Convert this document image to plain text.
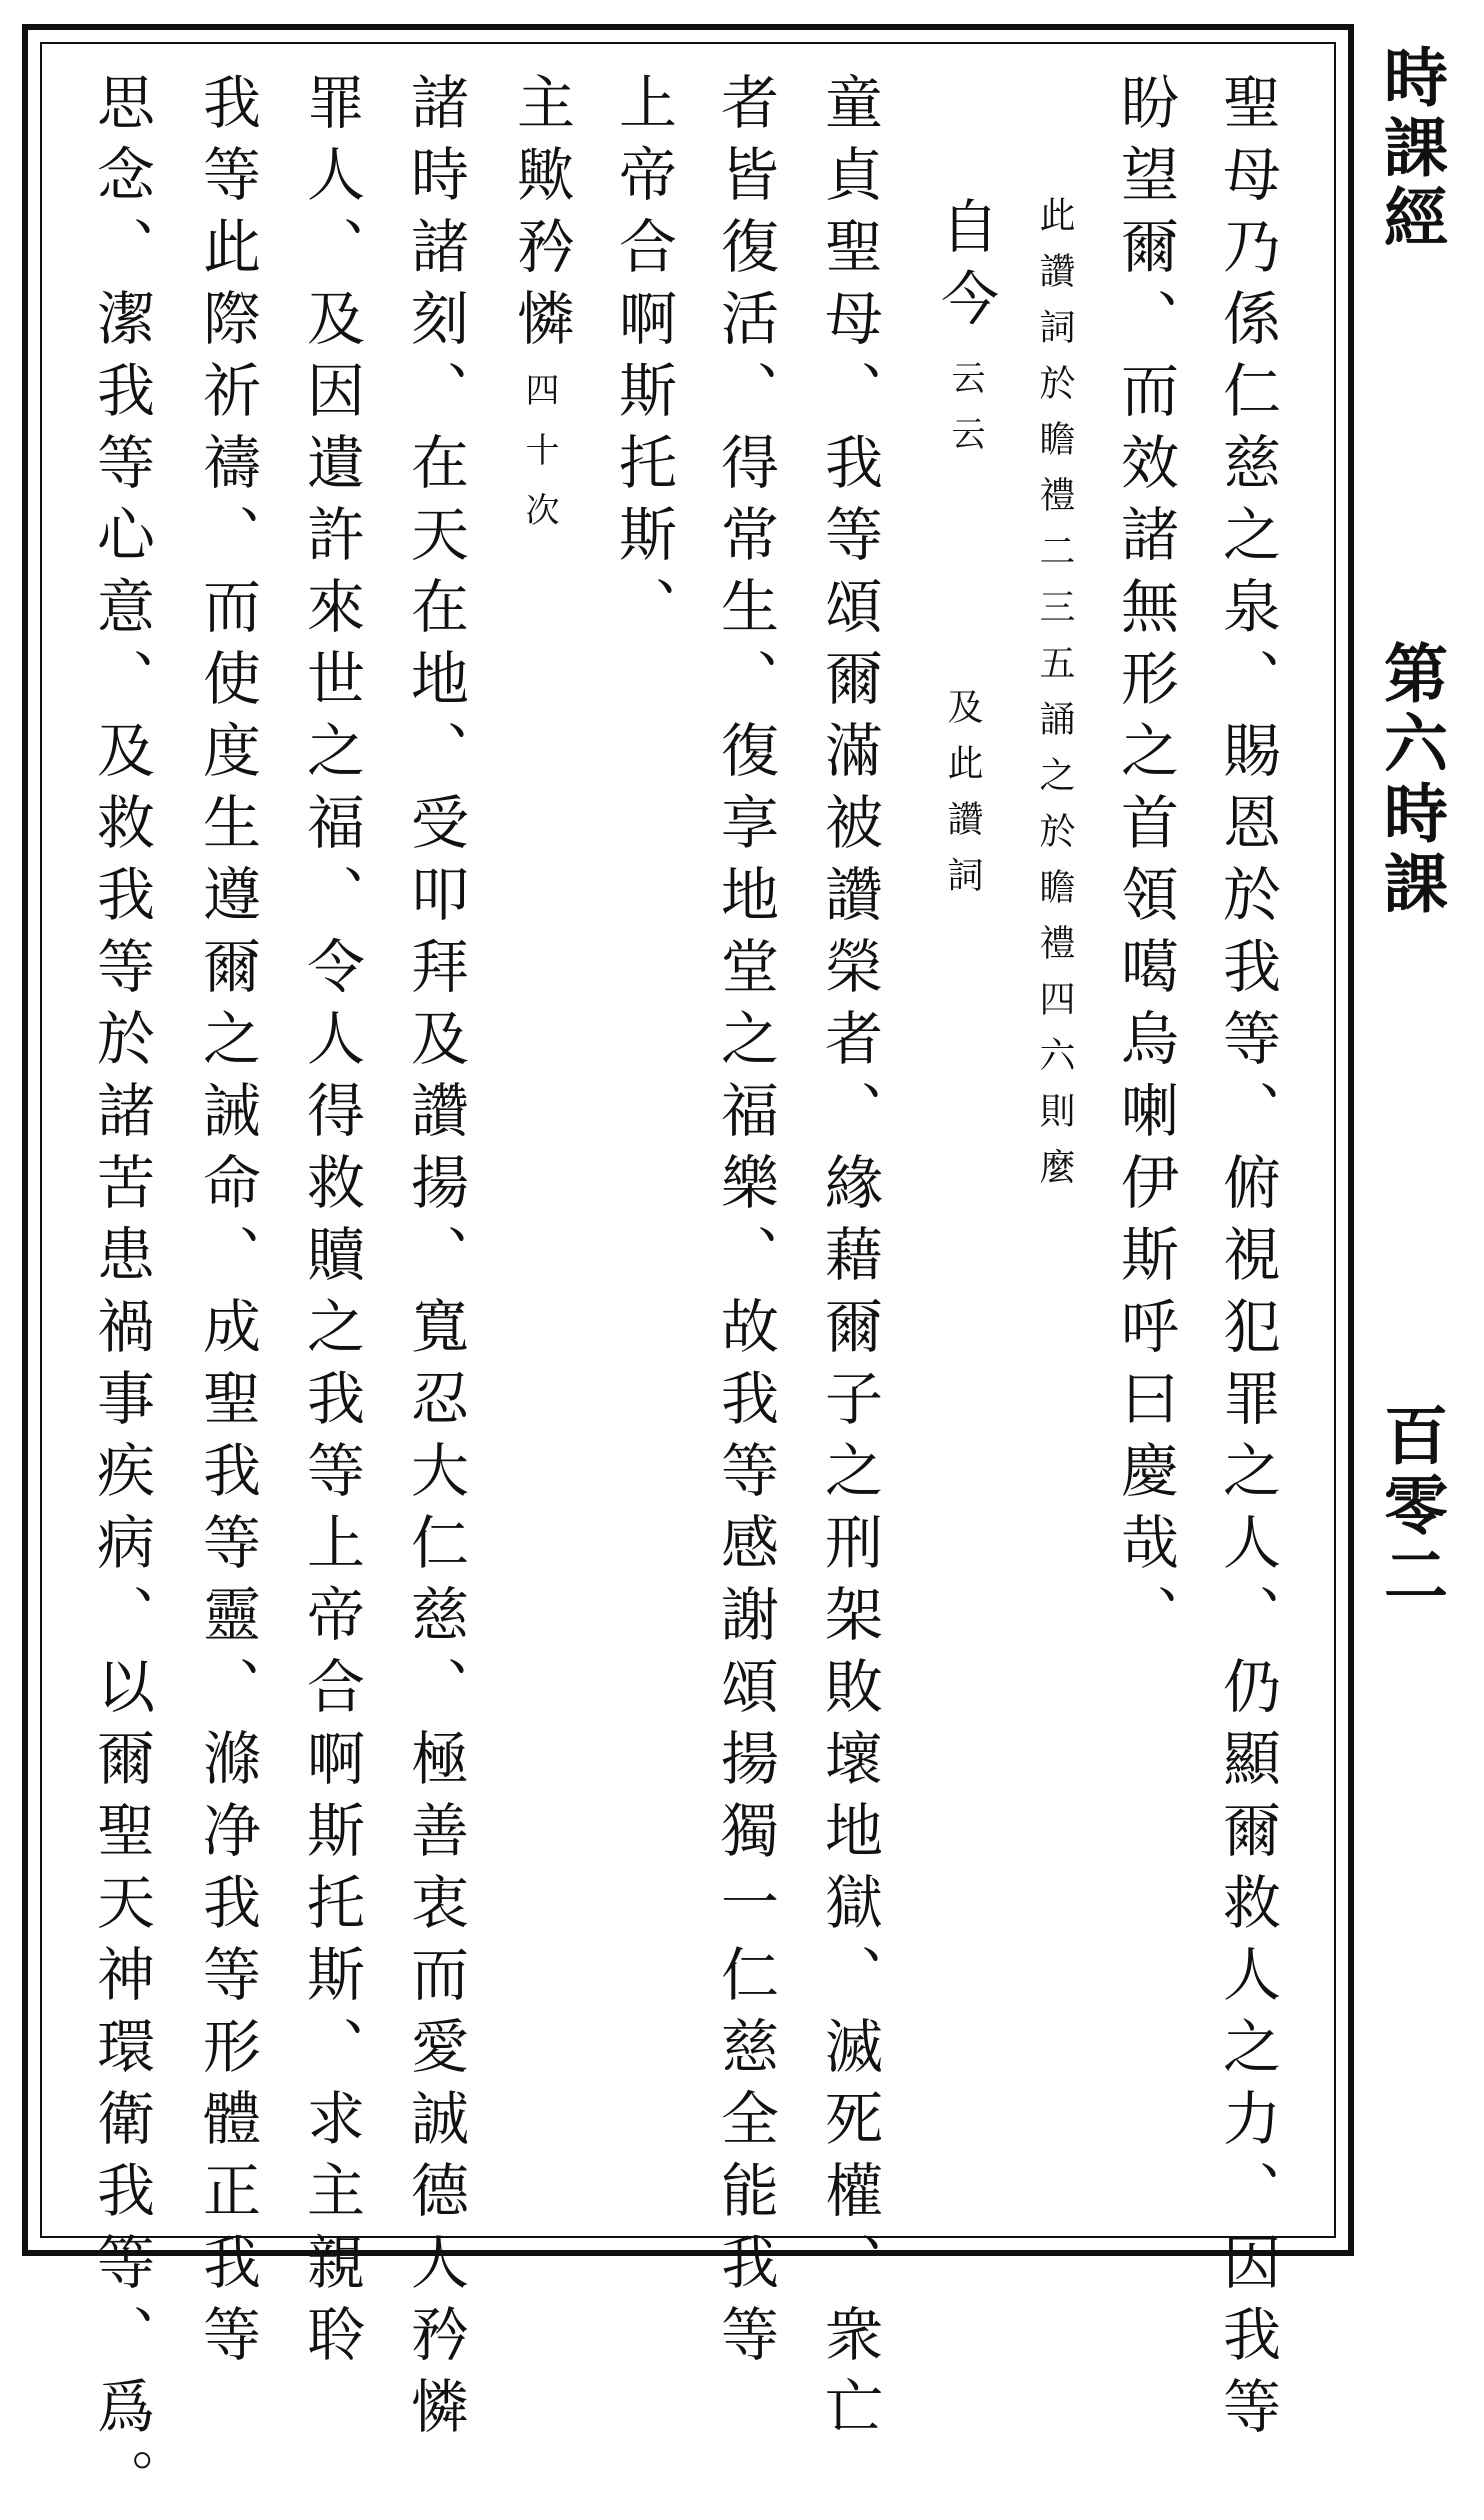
時課經
第六時課
百零二
聖母乃係仁慈之泉、賜恩於我等、俯視犯罪之人、仍顯爾救人之力、因我等
盼望爾、而效諸無形之首領噶烏喇伊斯呼曰慶哉、
此讚詞於瞻禮二三五誦之於瞻禮四六則麼
自今
云云
及此讚詞
童貞聖母、我等頌爾滿被讚榮者、緣藉爾子之刑架敗壞地獄、滅死權、衆亡
者皆復活、得常生、復享地堂之福樂、故我等感謝頌揚獨一仁慈全能我等
上帝合啊斯托斯、
主歟矜憐
四十次
諸時諸刻、在天在地、受叩拜及讚揚、寬忍大仁慈、極善衷而愛誠德人矜憐
罪人、及因遺許來世之福、令人得救贖之我等上帝合啊斯托斯、求主親聆
我等此際祈禱、而使度生遵爾之誡命、成聖我等靈、滌净我等形體正我等
思念、潔我等心意、及救我等於諸苦患禍事疾病、以爾聖天神環衛我等、爲。
